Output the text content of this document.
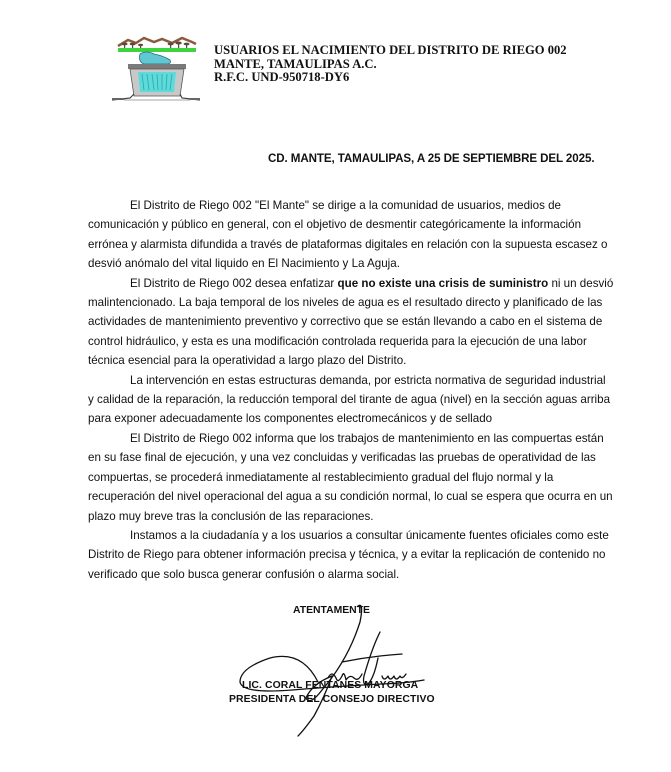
USUARIOS EL NACIMIENTO DEL DISTRITO DE RIEGO 002
MANTE, TAMAULIPAS A.C.
R.F.C. UND-950718-DY6
CD. MANTE, TAMAULIPAS, A 25 DE SEPTIEMBRE DEL 2025.
El Distrito de Riego 002 "El Mante" se dirige a la comunidad de usuarios, medios de
comunicación y público en general, con el objetivo de desmentir categóricamente la información
errónea y alarmista difundida a través de plataformas digitales en relación con la supuesta escasez o
desvió anómalo del vital liquido en El Nacimiento y La Aguja.
El Distrito de Riego 002 desea enfatizar que no existe una crisis de suministro ni un desvió
malintencionado. La baja temporal de los niveles de agua es el resultado directo y planificado de las
actividades de mantenimiento preventivo y correctivo que se están llevando a cabo en el sistema de
control hidráulico, y esta es una modificación controlada requerida para la ejecución de una labor
técnica esencial para la operatividad a largo plazo del Distrito.
La intervención en estas estructuras demanda, por estricta normativa de seguridad industrial
y calidad de la reparación, la reducción temporal del tirante de agua (nivel) en la sección aguas arriba
para exponer adecuadamente los componentes electromecánicos y de sellado
El Distrito de Riego 002 informa que los trabajos de mantenimiento en las compuertas están
en su fase final de ejecución, y una vez concluidas y verificadas las pruebas de operatividad de las
compuertas, se procederá inmediatamente al restablecimiento gradual del flujo normal y la
recuperación del nivel operacional del agua a su condición normal, lo cual se espera que ocurra en un
plazo muy breve tras la conclusión de las reparaciones.
Instamos a la ciudadanía y a los usuarios a consultar únicamente fuentes oficiales como este
Distrito de Riego para obtener información precisa y técnica, y a evitar la replicación de contenido no
verificado que solo busca generar confusión o alarma social.
ATENTAMENTE
LIC. CORAL FENTANES MAYORGA
PRESIDENTA DEL CONSEJO DIRECTIVO
